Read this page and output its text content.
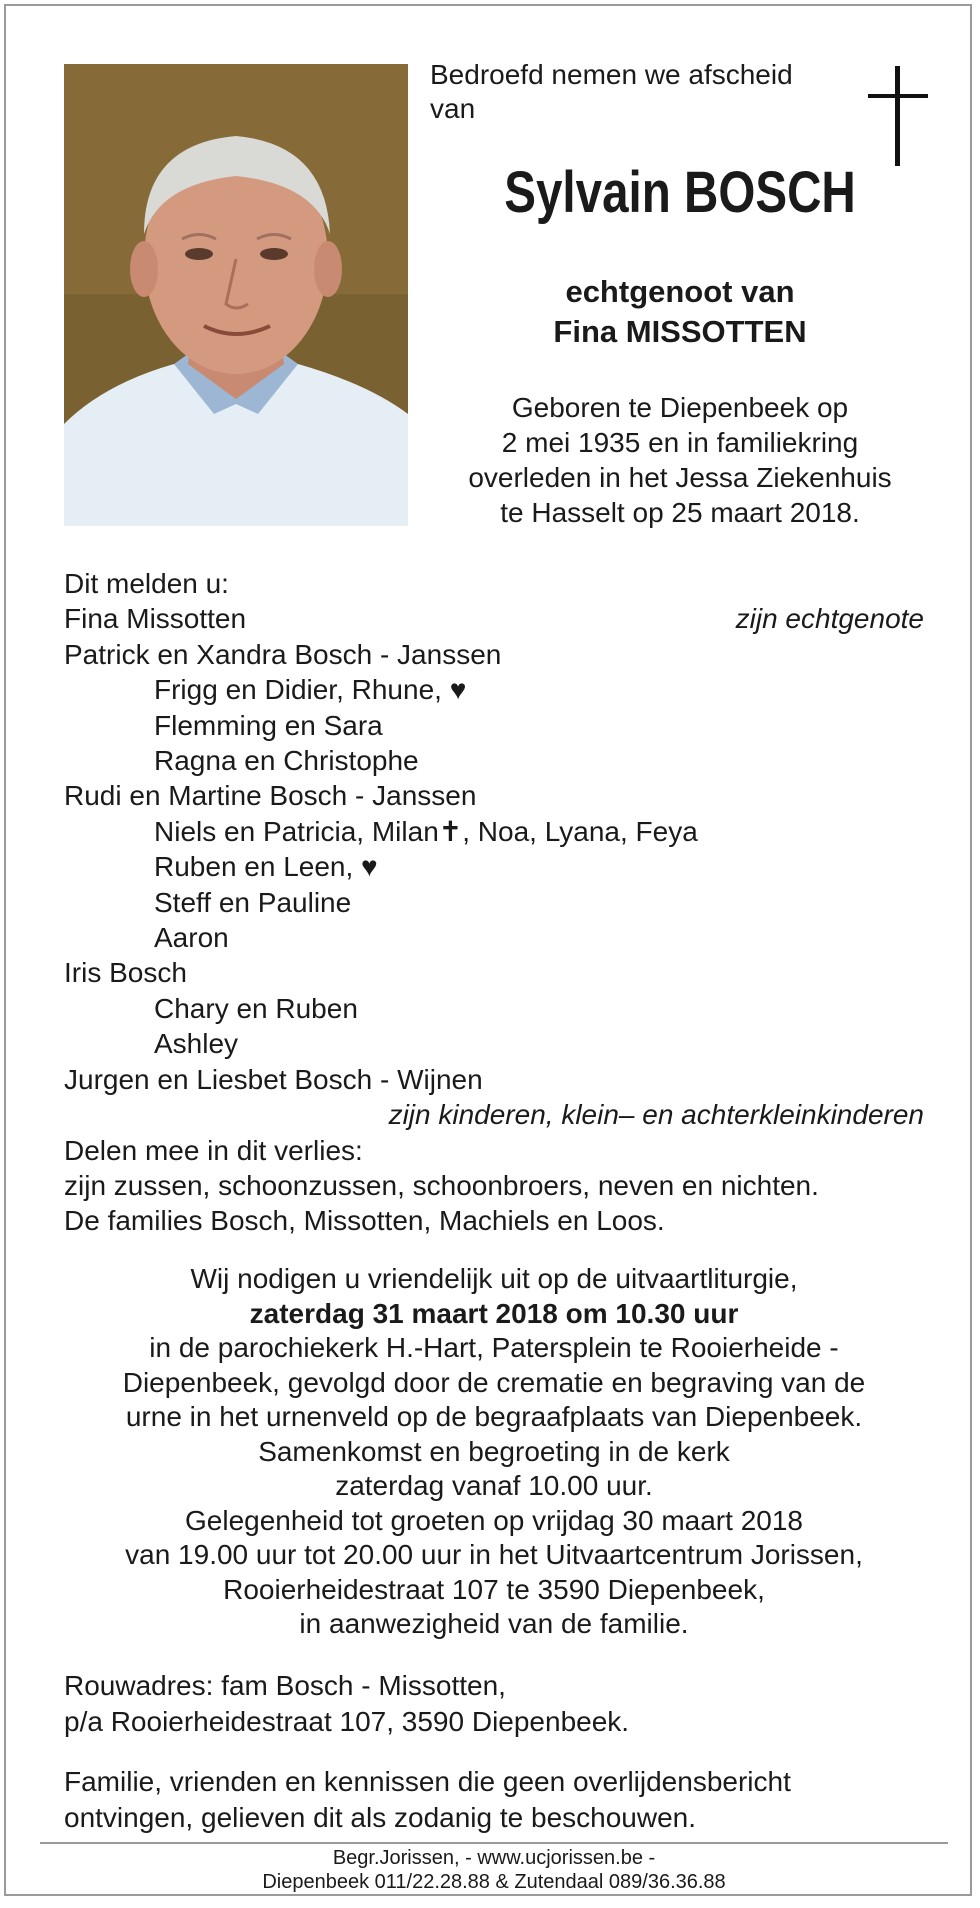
Bedroefd nemen we afscheid
van
Sylvain BOSCH
echtgenoot van
Fina MISSOTTEN
Geboren te Diepenbeek op
2 mei 1935 en in familiekring
overleden in het Jessa Ziekenhuis
te Hasselt op 25 maart 2018.
Dit melden u:
Fina Missotten	zijn echtgenote
Patrick en Xandra Bosch - Janssen
Frigg en Didier, Rhune, ♥
Flemming en Sara
Ragna en Christophe
Rudi en Martine Bosch - Janssen
Niels en Patricia, Milan✝, Noa, Lyana, Feya
Ruben en Leen, ♥
Steff en Pauline
Aaron
Iris Bosch
Chary en Ruben
Ashley
Jurgen en Liesbet Bosch - Wijnen
zijn kinderen, klein– en achterkleinkinderen
Delen mee in dit verlies:
zijn zussen, schoonzussen, schoonbroers, neven en nichten.
De families Bosch, Missotten, Machiels en Loos.
Wij nodigen u vriendelijk uit op de uitvaartliturgie,
zaterdag 31 maart 2018 om 10.30 uur
in de parochiekerk H.-Hart, Patersplein te Rooierheide -
Diepenbeek, gevolgd door de crematie en begraving van de
urne in het urnenveld op de begraafplaats van Diepenbeek.
Samenkomst en begroeting in de kerk
zaterdag vanaf 10.00 uur.
Gelegenheid tot groeten op vrijdag 30 maart 2018
van 19.00 uur tot 20.00 uur in het Uitvaartcentrum Jorissen,
Rooierheidestraat 107 te 3590 Diepenbeek,
in aanwezigheid van de familie.
Rouwadres: fam Bosch - Missotten,
p/a Rooierheidestraat 107, 3590 Diepenbeek.
Familie, vrienden en kennissen die geen overlijdensbericht
ontvingen, gelieven dit als zodanig te beschouwen.
Begr.Jorissen, - www.ucjorissen.be -
Diepenbeek 011/22.28.88 & Zutendaal 089/36.36.88
